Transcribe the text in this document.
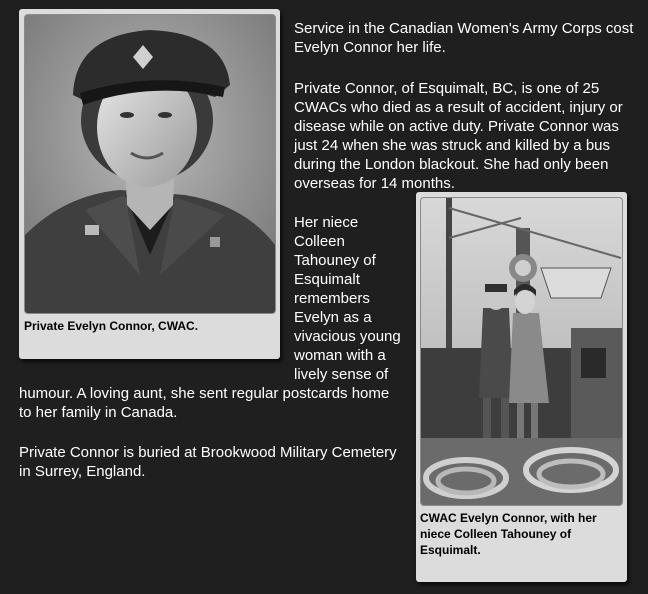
Private Evelyn Connor, CWAC.
CWAC Evelyn Connor, with her niece Colleen Tahouney of Esquimalt.

Service in the Canadian Women's Army Corps cost Evelyn Connor her life.

Private Connor, of Esquimalt, BC, is one of 25 CWACs who died as a result of accident, injury or disease while on active duty. Private Connor was just 24 when she was struck and killed by a bus during the London blackout. She had only been overseas for 14 months.

Her niece
Colleen
Tahouney of
Esquimalt
remembers
Evelyn as a
vivacious young
woman with a
lively sense of

humour. A loving aunt, she sent regular postcards home to her family in Canada.

Private Connor is buried at Brookwood Military Cemetery in Surrey, England.
